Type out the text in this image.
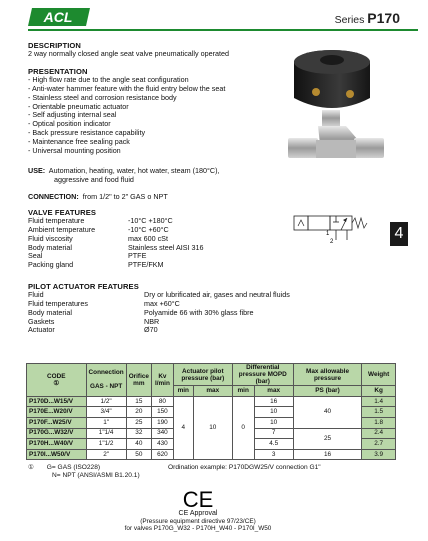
ACL	Series P170
DESCRIPTION
2 way normally closed angle seat valve pneumatically operated
PRESENTATION
- High flow rate due to the angle seat configuration
- Anti-water hammer feature with the fluid entry below the seat
- Stainless steel and corrosion resistance body
- Orientable pneumatic actuator
- Self adjusting internal seal
- Optical position indicator
- Back pressure resistance capability
- Maintenance free sealing pack
- Universal mounting position
USE: Automation, heating, water, hot water, steam (180°C),
aggressive and food fluid
CONNECTION: from 1/2" to 2" GAS o NPT
VALVE FEATURES
Fluid temperature	-10°C +180°C
Ambient temperature	-10°C +60°C
Fluid viscosity	max 600 cSt
Body material	Stainless steel AISI 316
Seal	PTFE
Packing gland	PTFE/FKM
1
2	4
PILOT ACTUATOR FEATURES
Fluid	Dry or lubrificated air, gases and neutral fluids
Fluid temperatures	max +60°C
Body material	Polyamide 66 with 30% glass fibre
Gaskets	NBR
Actuator	Ø70
CODE
①	Connection

GAS - NPT	Orifice mm	Kv l/min	Actuator pilot pressure (bar)		Differential pressure MOPD (bar)		Max allowable pressure	Weight
				min	max	min	max	PS (bar)	Kg
P170D...W15/V	1/2"	15	80	4	10	0	16	40	1.4
P170E...W20/V	3/4"	20	150				10		1.5
P170F...W25/V	1"	25	190				10		1.8
P170G...W32/V	1"1/4	32	340				7	25	2.4
P170H...W40/V	1"1/2	40	430				4.5		2.7
P170I...W50/V	2"	50	620				3	16	3.9
① G= GAS (ISO228)
N= NPT (ANSI/ASMI B1.20.1)
Ordination example: P170DGW25/V connection G1"
CE
CE Approval
(Pressure equipment directive 97/23/CE)
for valves P170G_W32 - P170H_W40 - P170I_W50
